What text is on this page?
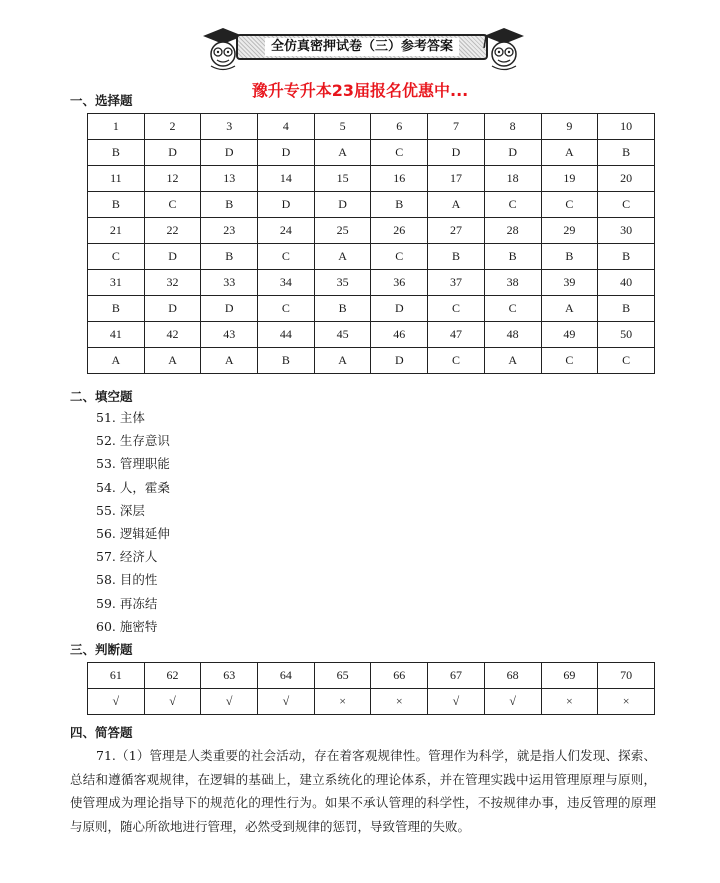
全仿真密押试卷（三）参考答案
豫升专升本23届报名优惠中...
一、选择题
1	2	3	4	5	6	7	8	9	10
B	D	D	D	A	C	D	D	A	B
11	12	13	14	15	16	17	18	19	20
B	C	B	D	D	B	A	C	C	C
21	22	23	24	25	26	27	28	29	30
C	D	B	C	A	C	B	B	B	B
31	32	33	34	35	36	37	38	39	40
B	D	D	C	B	D	C	C	A	B
41	42	43	44	45	46	47	48	49	50
A	A	A	B	A	D	C	A	C	C
二、填空题
51. 主体
52. 生存意识
53. 管理职能
54. 人，霍桑
55. 深层
56. 逻辑延伸
57. 经济人
58. 目的性
59. 再冻结
60. 施密特
三、判断题
61	62	63	64	65	66	67	68	69	70
√	√	√	√	×	×	√	√	×	×
四、简答题
71.（1）管理是人类重要的社会活动，存在着客观规律性。管理作为科学，就是指人们发现、探索、总结和遵循客观规律，在逻辑的基础上，建立系统化的理论体系，并在管理实践中运用管理原理与原则，使管理成为理论指导下的规范化的理性行为。如果不承认管理的科学性，不按规律办事，违反管理的原理与原则，随心所欲地进行管理，必然受到规律的惩罚，导致管理的失败。
